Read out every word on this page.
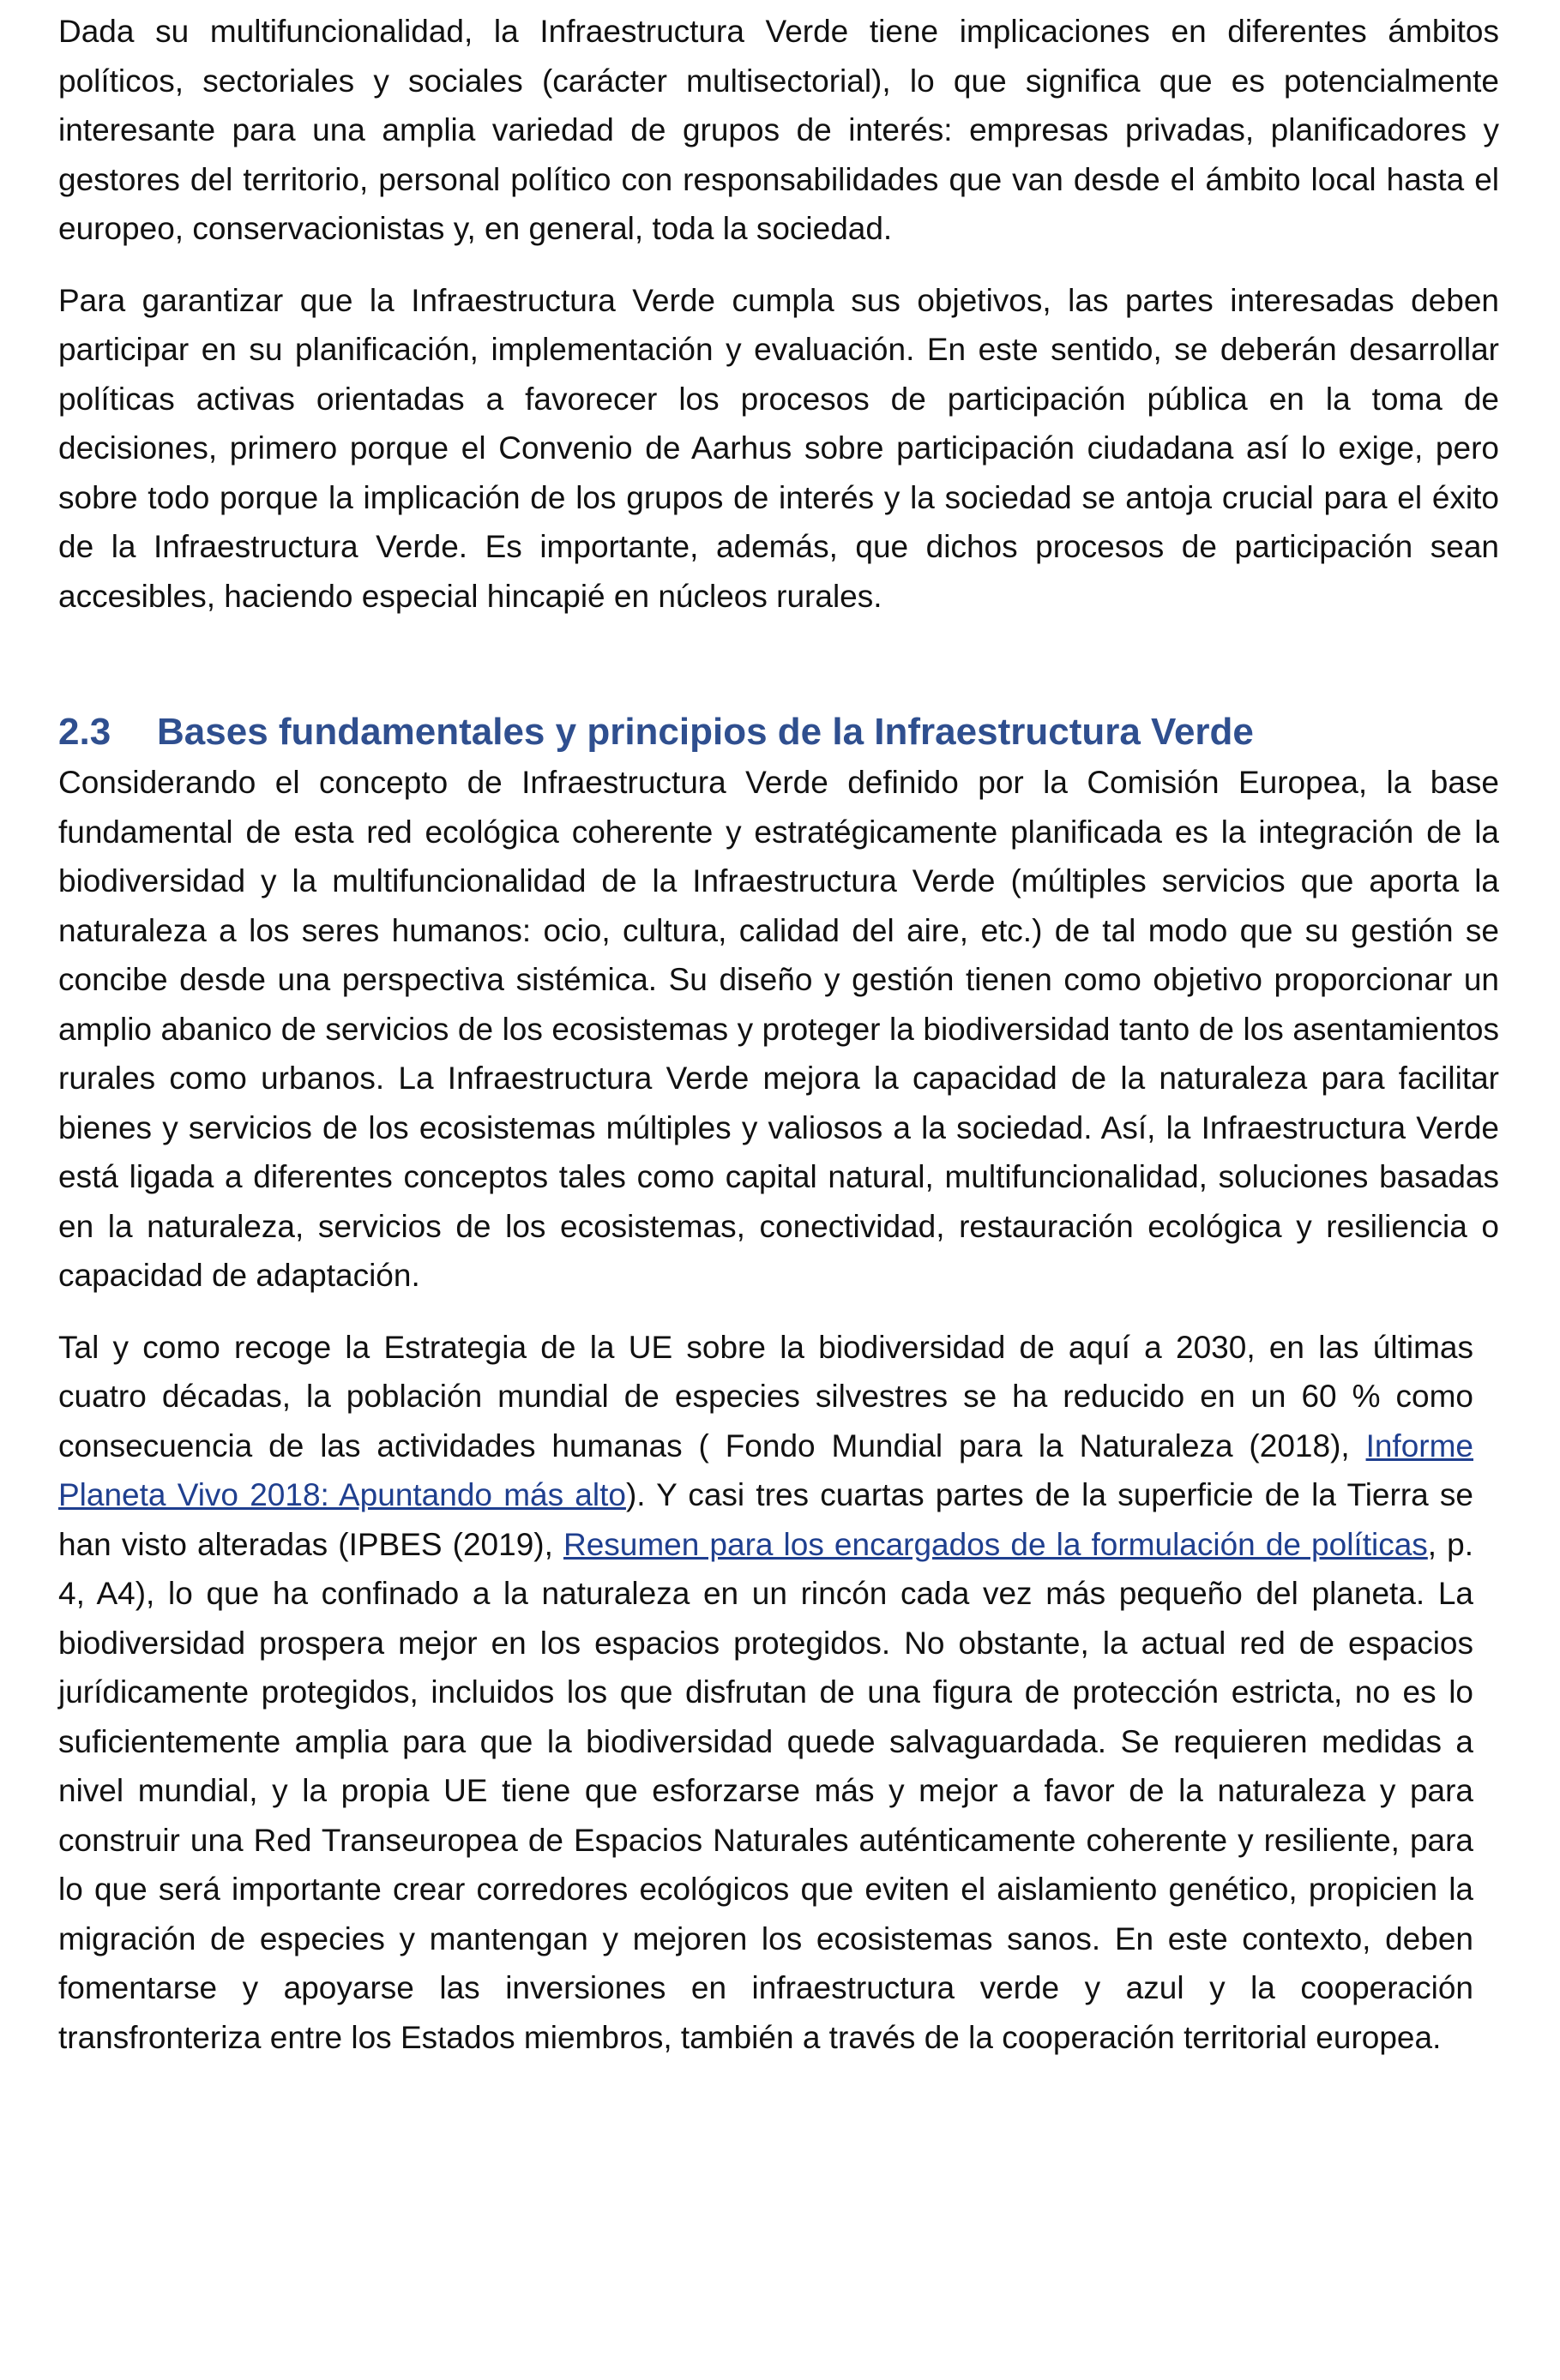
Dada su multifuncionalidad, la Infraestructura Verde tiene implicaciones en diferentes ámbitos políticos, sectoriales y sociales (carácter multisectorial), lo que significa que es potencialmente interesante para una amplia variedad de grupos de interés: empresas privadas, planificadores y gestores del territorio, personal político con responsabilidades que van desde el ámbito local hasta el europeo, conservacionistas y, en general, toda la sociedad.

Para garantizar que la Infraestructura Verde cumpla sus objetivos, las partes interesadas deben participar en su planificación, implementación y evaluación. En este sentido, se deberán desarrollar políticas activas orientadas a favorecer los procesos de participación pública en la toma de decisiones, primero porque el Convenio de Aarhus sobre participación ciudadana así lo exige, pero sobre todo porque la implicación de los grupos de interés y la sociedad se antoja crucial para el éxito de la Infraestructura Verde. Es importante, además, que dichos procesos de participación sean accesibles, haciendo especial hincapié en núcleos rurales.

2.3	Bases fundamentales y principios de la Infraestructura Verde

Considerando el concepto de Infraestructura Verde definido por la Comisión Europea, la base fundamental de esta red ecológica coherente y estratégicamente planificada es la integración de la biodiversidad y la multifuncionalidad de la Infraestructura Verde (múltiples servicios que aporta la naturaleza a los seres humanos: ocio, cultura, calidad del aire, etc.) de tal modo que su gestión se concibe desde una perspectiva sistémica. Su diseño y gestión tienen como objetivo proporcionar un amplio abanico de servicios de los ecosistemas y proteger la biodiversidad tanto de los asentamientos rurales como urbanos. La Infraestructura Verde mejora la capacidad de la naturaleza para facilitar bienes y servicios de los ecosistemas múltiples y valiosos a la sociedad. Así, la Infraestructura Verde está ligada a diferentes conceptos tales como capital natural, multifuncionalidad, soluciones basadas en la naturaleza, servicios de los ecosistemas, conectividad, restauración ecológica y resiliencia o capacidad de adaptación.

Tal y como recoge la Estrategia de la UE sobre la biodiversidad de aquí a 2030, en las últimas cuatro décadas, la población mundial de especies silvestres se ha reducido en un 60 % como consecuencia de las actividades humanas ( Fondo Mundial para la Naturaleza (2018), Informe Planeta Vivo 2018: Apuntando más alto). Y casi tres cuartas partes de la superficie de la Tierra se han visto alteradas (IPBES (2019), Resumen para los encargados de la formulación de políticas, p. 4, A4), lo que ha confinado a la naturaleza en un rincón cada vez más pequeño del planeta. La biodiversidad prospera mejor en los espacios protegidos. No obstante, la actual red de espacios jurídicamente protegidos, incluidos los que disfrutan de una figura de protección estricta, no es lo suficientemente amplia para que la biodiversidad quede salvaguardada. Se requieren medidas a nivel mundial, y la propia UE tiene que esforzarse más y mejor a favor de la naturaleza y para construir una Red Transeuropea de Espacios Naturales auténticamente coherente y resiliente, para lo que será importante crear corredores ecológicos que eviten el aislamiento genético, propicien la migración de especies y mantengan y mejoren los ecosistemas sanos. En este contexto, deben fomentarse y apoyarse las inversiones en infraestructura verde y azul y la cooperación transfronteriza entre los Estados miembros, también a través de la cooperación territorial europea.
